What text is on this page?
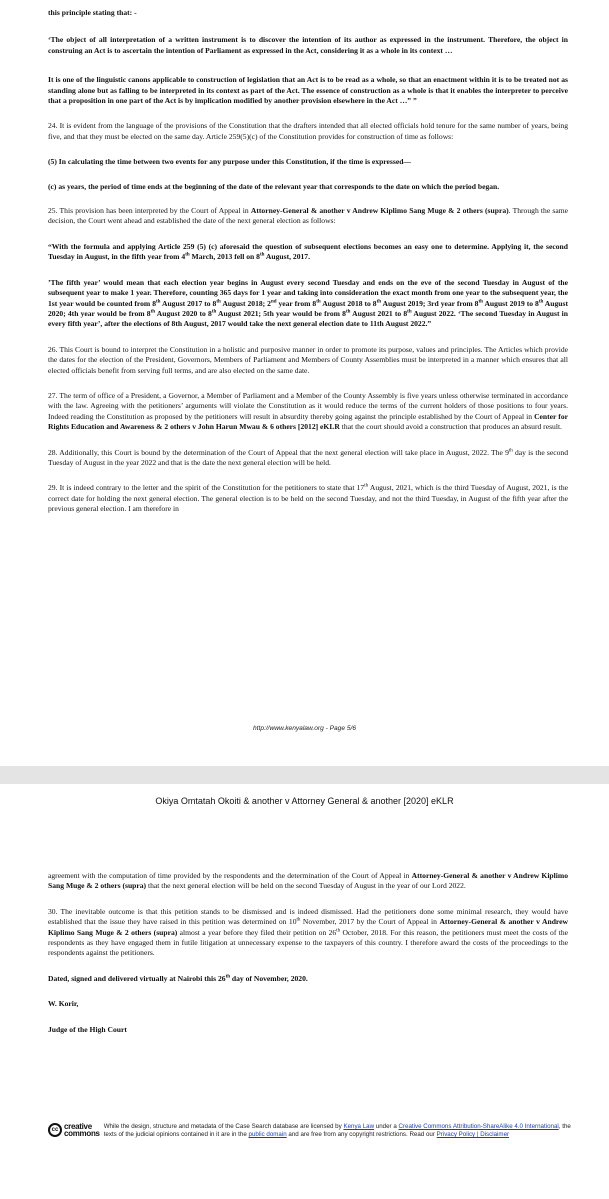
this principle stating that: -

‘The object of all interpretation of a written instrument is to discover the intention of its author as expressed in the instrument. Therefore, the object in construing an Act is to ascertain the intention of Parliament as expressed in the Act, considering it as a whole in its context …

It is one of the linguistic canons applicable to construction of legislation that an Act is to be read as a whole, so that an enactment within it is to be treated not as standing alone but as falling to be interpreted in its context as part of the Act. The essence of construction as a whole is that it enables the interpreter to perceive that a proposition in one part of the Act is by implication modified by another provision elsewhere in the Act …” ”

24. It is evident from the language of the provisions of the Constitution that the drafters intended that all elected officials hold tenure for the same number of years, being five, and that they must be elected on the same day. Article 259(5)(c) of the Constitution provides for construction of time as follows:

(5) In calculating the time between two events for any purpose under this Constitution, if the time is expressed—

(c) as years, the period of time ends at the beginning of the date of the relevant year that corresponds to the date on which the period began.

25. This provision has been interpreted by the Court of Appeal in Attorney-General & another v Andrew Kiplimo Sang Muge & 2 others (supra). Through the same decision, the Court went ahead and established the date of the next general election as follows:

“With the formula and applying Article 259 (5) (c) aforesaid the question of subsequent elections becomes an easy one to determine. Applying it, the second Tuesday in August, in the fifth year from 4th March, 2013 fell on 8th August, 2017.

’The fifth year’ would mean that each election year begins in August every second Tuesday and ends on the eve of the second Tuesday in August of the subsequent year to make 1 year. Therefore, counting 365 days for 1 year and taking into consideration the exact month from one year to the subsequent year, the 1st year would be counted from 8th August 2017 to 8th August 2018; 2nd year from 8th August 2018 to 8th August 2019; 3rd year from 8th August 2019 to 8th August 2020; 4th year would be from 8th August 2020 to 8th August 2021; 5th year would be from 8th August 2021 to 8th August 2022. ‘The second Tuesday in August in every fifth year’, after the elections of 8th August, 2017 would take the next general election date to 11th August 2022.”

26. This Court is bound to interpret the Constitution in a holistic and purposive manner in order to promote its purpose, values and principles. The Articles which provide the dates for the election of the President, Governors, Members of Parliament and Members of County Assemblies must be interpreted in a manner which ensures that all elected officials benefit from serving full terms, and are also elected on the same date.

27. The term of office of a President, a Governor, a Member of Parliament and a Member of the County Assembly is five years unless otherwise terminated in accordance with the law. Agreeing with the petitioners’ arguments will violate the Constitution as it would reduce the terms of the current holders of those positions to four years. Indeed reading the Constitution as proposed by the petitioners will result in absurdity thereby going against the principle established by the Court of Appeal in Center for Rights Education and Awareness & 2 others v John Harun Mwau & 6 others [2012] eKLR that the court should avoid a construction that produces an absurd result.

28. Additionally, this Court is bound by the determination of the Court of Appeal that the next general election will take place in August, 2022. The 9th day is the second Tuesday of August in the year 2022 and that is the date the next general election will be held.

29. It is indeed contrary to the letter and the spirit of the Constitution for the petitioners to state that 17th August, 2021, which is the third Tuesday of August, 2021, is the correct date for holding the next general election. The general election is to be held on the second Tuesday, and not the third Tuesday, in August of the fifth year after the previous general election. I am therefore in

http://www.kenyalaw.org - Page 5/6
Okiya Omtatah Okoiti & another v Attorney General & another [2020] eKLR

agreement with the computation of time provided by the respondents and the determination of the Court of Appeal in Attorney-General & another v Andrew Kiplimo Sang Muge & 2 others (supra) that the next general election will be held on the second Tuesday of August in the year of our Lord 2022.

30. The inevitable outcome is that this petition stands to be dismissed and is indeed dismissed. Had the petitioners done some minimal research, they would have established that the issue they have raised in this petition was determined on 10th November, 2017 by the Court of Appeal in Attorney-General & another v Andrew Kiplimo Sang Muge & 2 others (supra) almost a year before they filed their petition on 26th October, 2018. For this reason, the petitioners must meet the costs of the respondents as they have engaged them in futile litigation at unnecessary expense to the taxpayers of this country. I therefore award the costs of the proceedings to the respondents against the petitioners.

Dated, signed and delivered virtually at Nairobi this 26th day of November, 2020.

W. Korir,

Judge of the High Court

cc creative
commons
While the design, structure and metadata of the Case Search database are licensed by Kenya Law under a Creative Commons Attribution-ShareAlike 4.0 International, the texts of the judicial opinions contained in it are in the public domain and are free from any copyright restrictions. Read our Privacy Policy | Disclaimer
